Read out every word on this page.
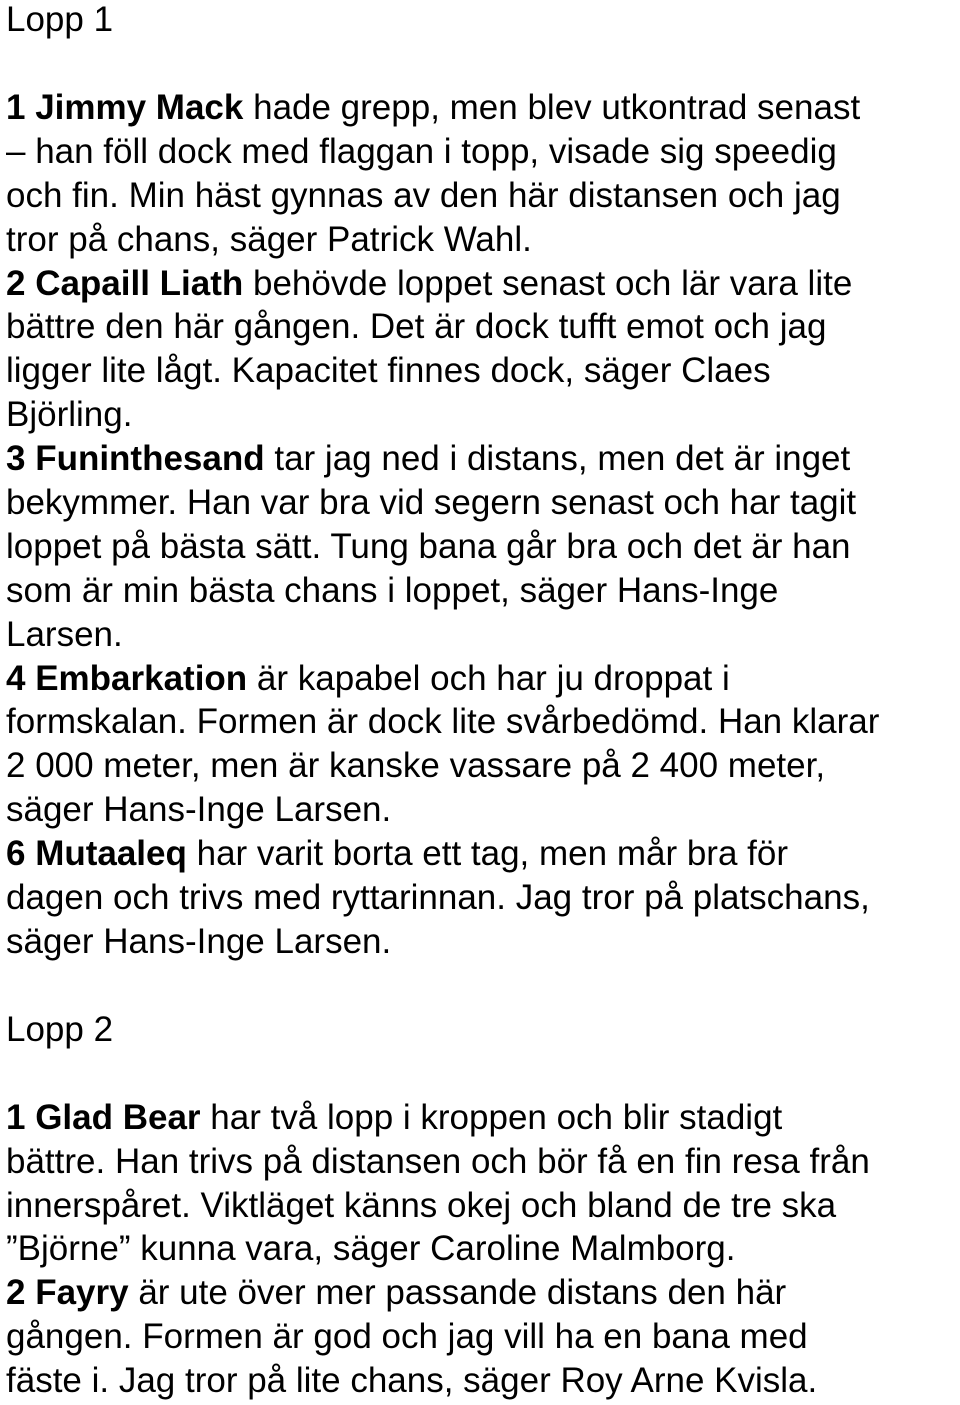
Lopp 1
1 Jimmy Mack hade grepp, men blev utkontrad senast
– han föll dock med flaggan i topp, visade sig speedig
och fin. Min häst gynnas av den här distansen och jag
tror på chans, säger Patrick Wahl.
2 Capaill Liath behövde loppet senast och lär vara lite
bättre den här gången. Det är dock tufft emot och jag
ligger lite lågt. Kapacitet finnes dock, säger Claes
Björling.
3 Funinthesand tar jag ned i distans, men det är inget
bekymmer. Han var bra vid segern senast och har tagit
loppet på bästa sätt. Tung bana går bra och det är han
som är min bästa chans i loppet, säger Hans-Inge
Larsen.
4 Embarkation är kapabel och har ju droppat i
formskalan. Formen är dock lite svårbedömd. Han klarar
2 000 meter, men är kanske vassare på 2 400 meter,
säger Hans-Inge Larsen.
6 Mutaaleq har varit borta ett tag, men mår bra för
dagen och trivs med ryttarinnan. Jag tror på platschans,
säger Hans-Inge Larsen.
Lopp 2
1 Glad Bear har två lopp i kroppen och blir stadigt
bättre. Han trivs på distansen och bör få en fin resa från
innerspåret. Viktläget känns okej och bland de tre ska
”Björne” kunna vara, säger Caroline Malmborg.
2 Fayry är ute över mer passande distans den här
gången. Formen är god och jag vill ha en bana med
fäste i. Jag tror på lite chans, säger Roy Arne Kvisla.
